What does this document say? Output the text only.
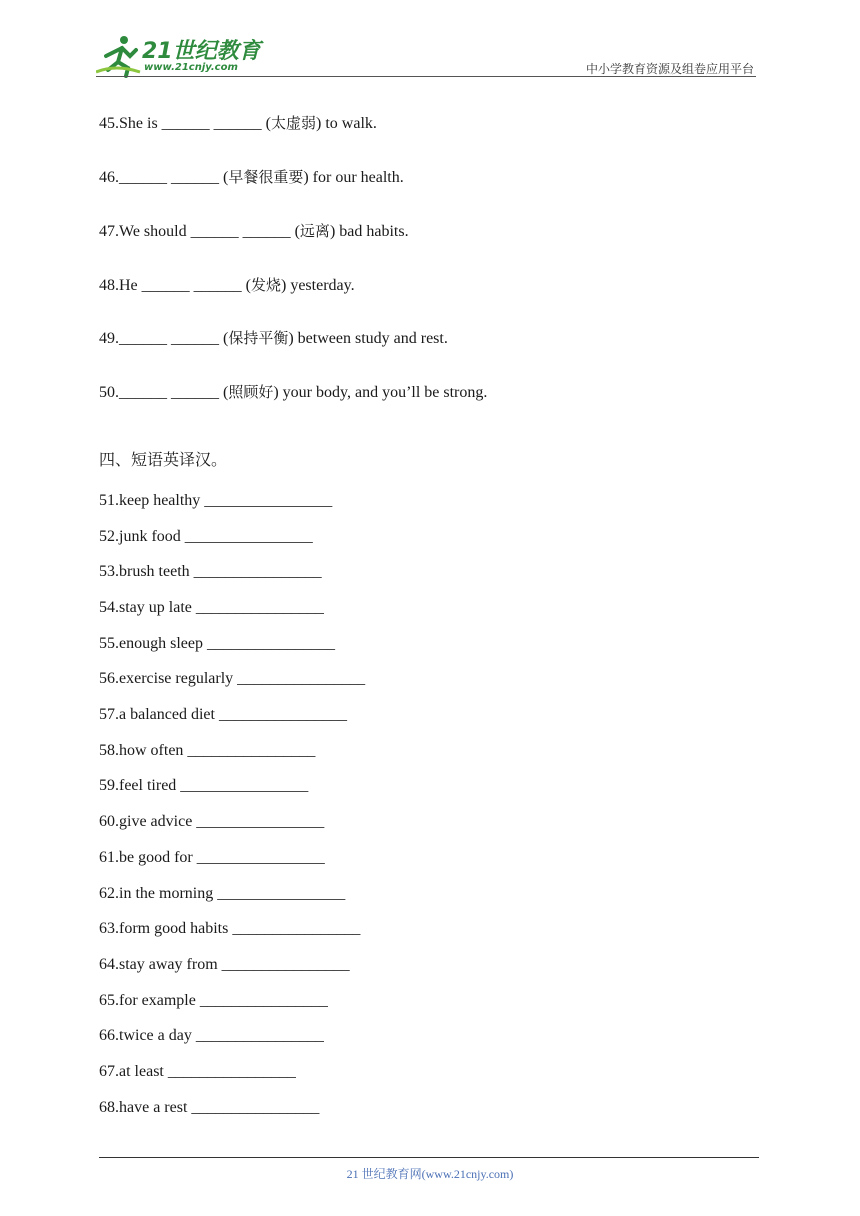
21世纪教育
www.21cnjy.com	中小学教育资源及组卷应用平台
45.She is ______ ______ (太虚弱) to walk.
46.______ ______ (早餐很重要) for our health.
47.We should ______ ______ (远离) bad habits.
48.He ______ ______ (发烧) yesterday.
49.______ ______ (保持平衡) between study and rest.
50.______ ______ (照顾好) your body, and you’ll be strong.
四、短语英译汉。
51.keep healthy ________________
52.junk food ________________
53.brush teeth ________________
54.stay up late ________________
55.enough sleep ________________
56.exercise regularly ________________
57.a balanced diet ________________
58.how often ________________
59.feel tired ________________
60.give advice ________________
61.be good for ________________
62.in the morning ________________
63.form good habits ________________
64.stay away from ________________
65.for example ________________
66.twice a day ________________
67.at least ________________
68.have a rest ________________
21 世纪教育网(www.21cnjy.com)
